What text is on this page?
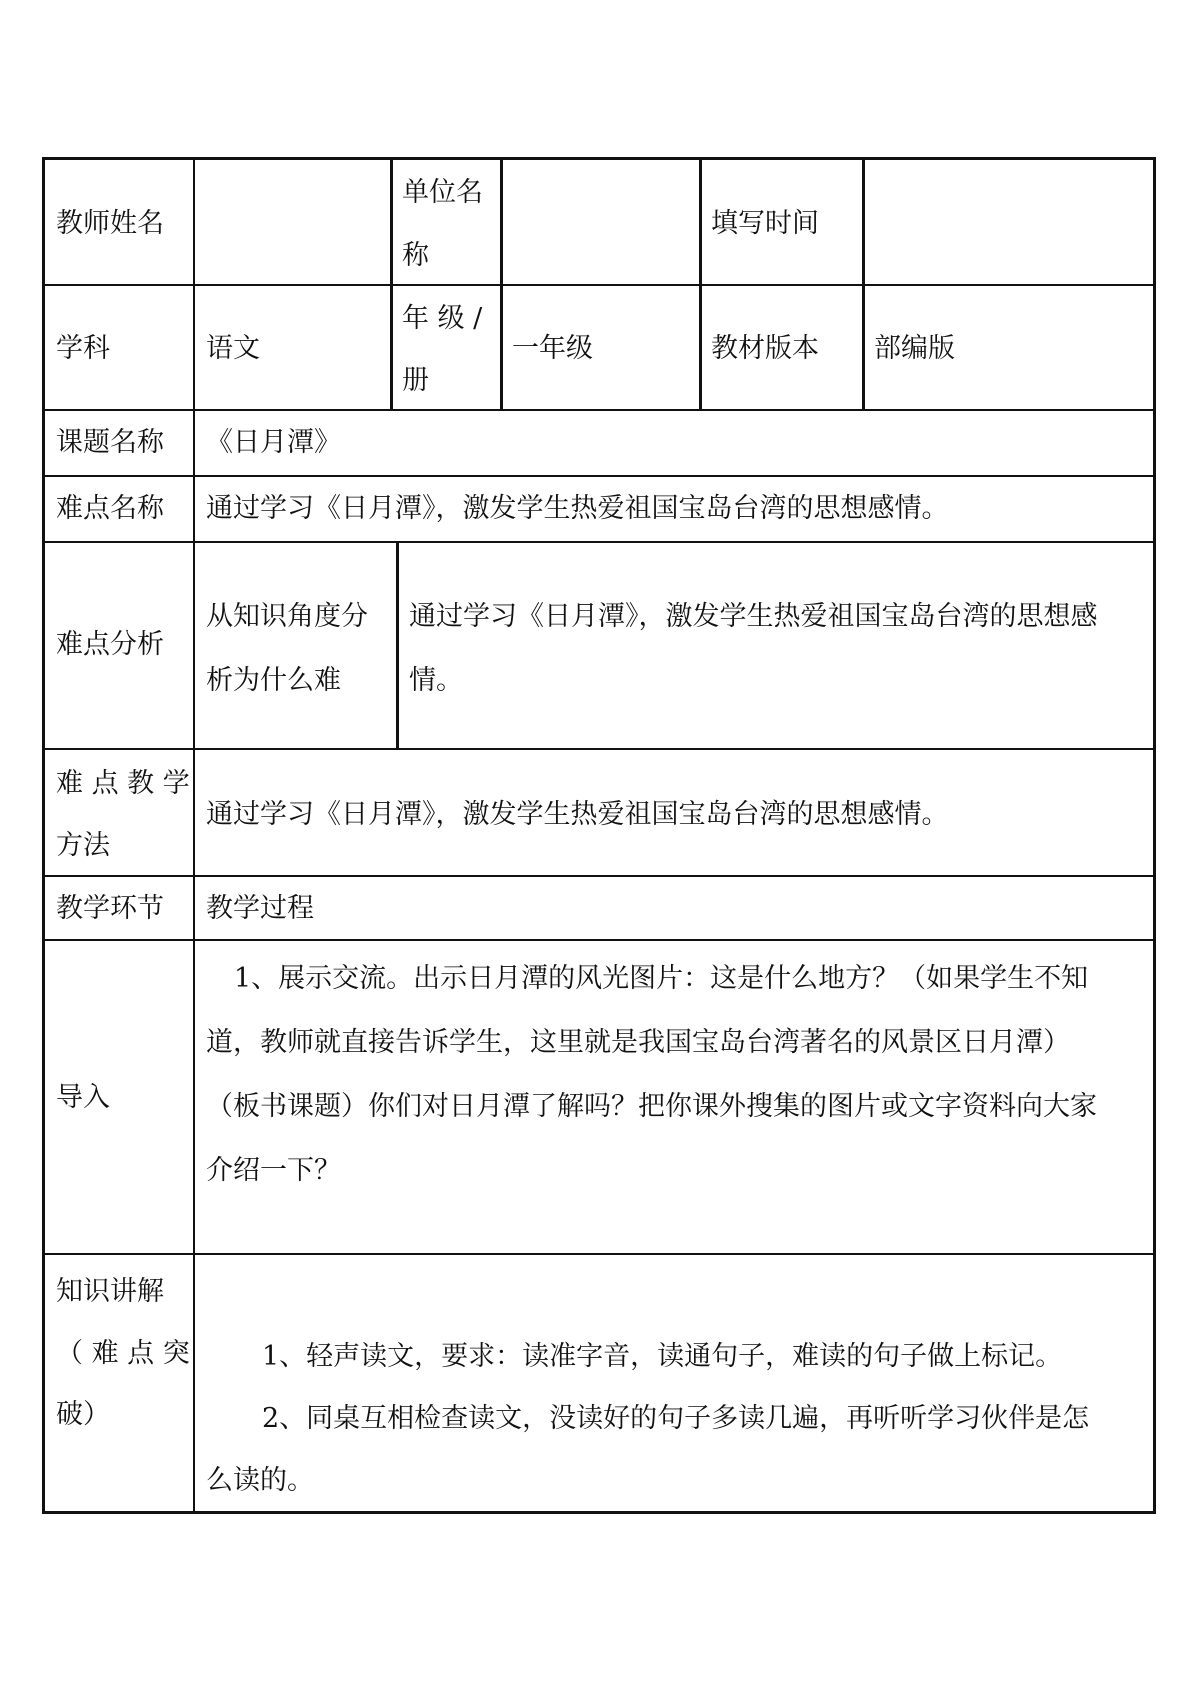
教师姓名
单位名
称
填写时间
学科	语文
年 级 /
册
一年级	教材版本 部编版
课题名称 《日月潭》
难点名称 通过学习《日月潭》，激发学生热爱祖国宝岛台湾的思想感情。
难点分析
从知识角度分
析为什么难
通过学习《日月潭》，激发学生热爱祖国宝岛台湾的思想感
情。
难 点 教 学
方法
通过学习《日月潭》，激发学生热爱祖国宝岛台湾的思想感情。
教学环节 教学过程
导入
1、展示交流。出示日月潭的风光图片：这是什么地方？（如果学生不知
道，教师就直接告诉学生，这里就是我国宝岛台湾著名的风景区日月潭）
（板书课题）你们对日月潭了解吗？把你课外搜集的图片或文字资料向大家
介绍一下？
知识讲解
（ 难 点 突
破）
1、轻声读文，要求：读准字音，读通句子，难读的句子做上标记。
2、同桌互相检查读文，没读好的句子多读几遍，再听听学习伙伴是怎
么读的。
